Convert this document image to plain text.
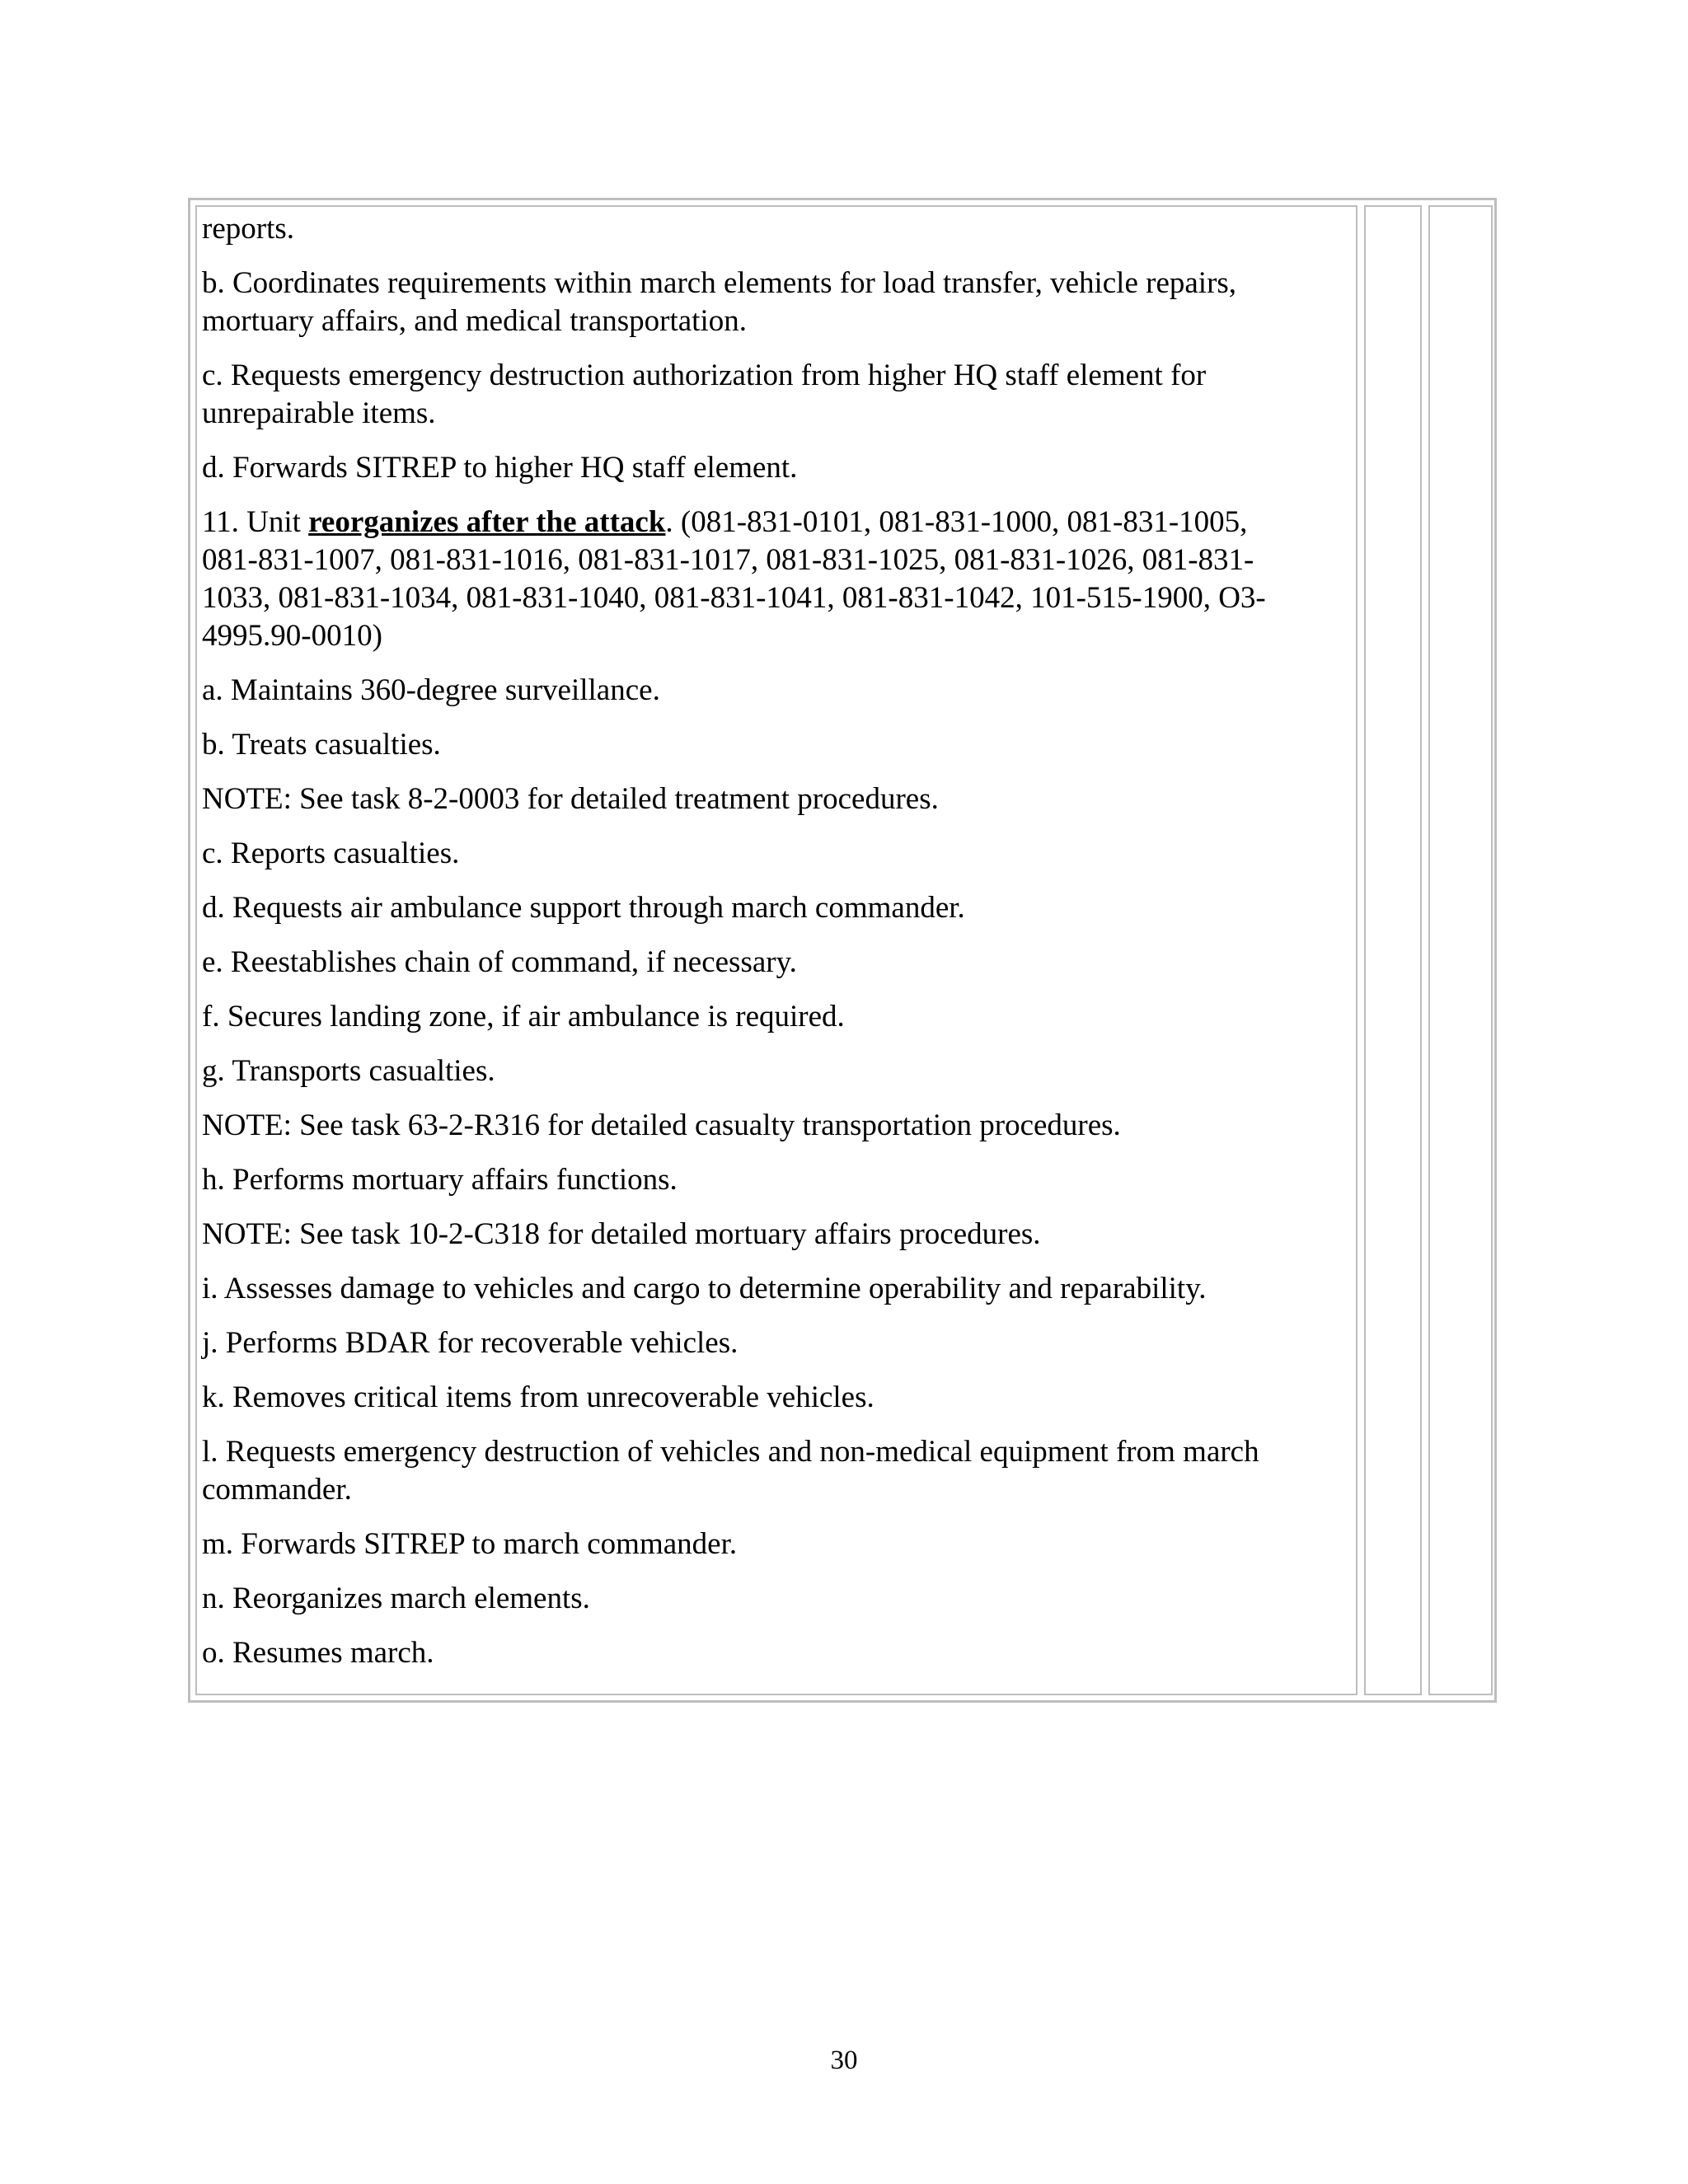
reports.
b. Coordinates requirements within march elements for load transfer, vehicle repairs,
mortuary affairs, and medical transportation.
c. Requests emergency destruction authorization from higher HQ staff element for
unrepairable items.
d. Forwards SITREP to higher HQ staff element.
11. Unit reorganizes after the attack. (081-831-0101, 081-831-1000, 081-831-1005,
081-831-1007, 081-831-1016, 081-831-1017, 081-831-1025, 081-831-1026, 081-831-
1033, 081-831-1034, 081-831-1040, 081-831-1041, 081-831-1042, 101-515-1900, O3-
4995.90-0010)
a. Maintains 360-degree surveillance.
b. Treats casualties.
NOTE: See task 8-2-0003 for detailed treatment procedures.
c. Reports casualties.
d. Requests air ambulance support through march commander.
e. Reestablishes chain of command, if necessary.
f. Secures landing zone, if air ambulance is required.
g. Transports casualties.
NOTE: See task 63-2-R316 for detailed casualty transportation procedures.
h. Performs mortuary affairs functions.
NOTE: See task 10-2-C318 for detailed mortuary affairs procedures.
i. Assesses damage to vehicles and cargo to determine operability and reparability.
j. Performs BDAR for recoverable vehicles.
k. Removes critical items from unrecoverable vehicles.
l. Requests emergency destruction of vehicles and non-medical equipment from march
commander.
m. Forwards SITREP to march commander.
n. Reorganizes march elements.
o. Resumes march.
30
